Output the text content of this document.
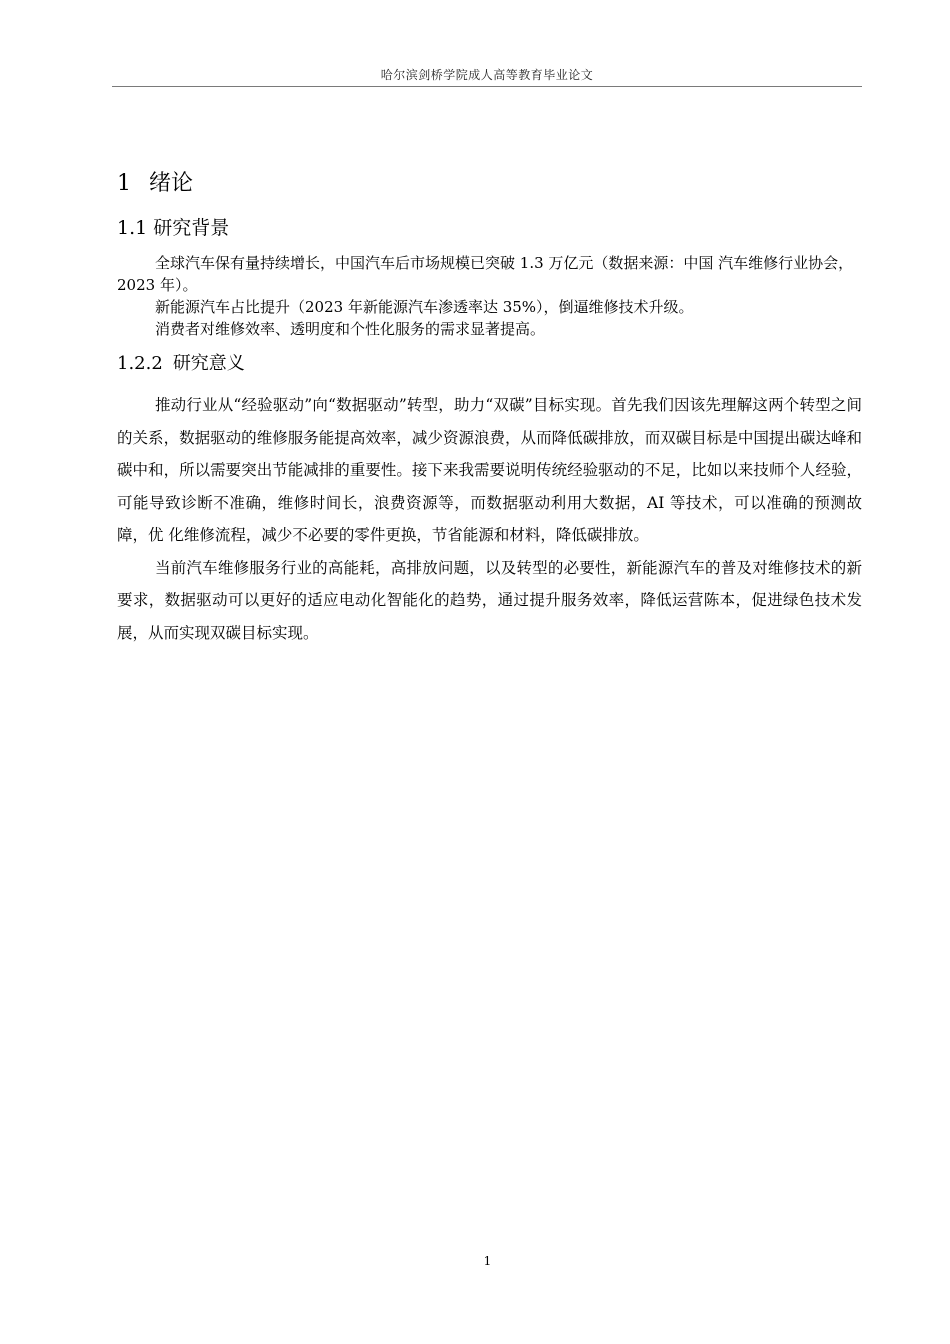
哈尔滨剑桥学院成人高等教育毕业论文
1 绪论
1.1 研究背景

全球汽车保有量持续增长，中国汽车后市场规模已突破 1.3 万亿元（数据来源：中国 汽车维修行业协会，2023 年）。

新能源汽车占比提升（2023 年新能源汽车渗透率达 35%），倒逼维修技术升级。

消费者对维修效率、透明度和个性化服务的需求显著提高。

1.2.2 研究意义

推动行业从“经验驱动”向“数据驱动”转型，助力“双碳”目标实现。首先我们因该先理解这两个转型之间的关系，数据驱动的维修服务能提高效率，减少资源浪费，从而降低碳排放，而双碳目标是中国提出碳达峰和碳中和，所以需要突出节能减排的重要性。接下来我需要说明传统经验驱动的不足，比如以来技师个人经验，可能导致诊断不准确，维修时间长，浪费资源等，而数据驱动利用大数据，AI 等技术，可以准确的预测故障，优 化维修流程，减少不必要的零件更换，节省能源和材料，降低碳排放。

当前汽车维修服务行业的高能耗，高排放问题，以及转型的必要性，新能源汽车的普及对维修技术的新要求，数据驱动可以更好的适应电动化智能化的趋势，通过提升服务效率，降低运营陈本，促进绿色技术发展，从而实现双碳目标实现。

1
